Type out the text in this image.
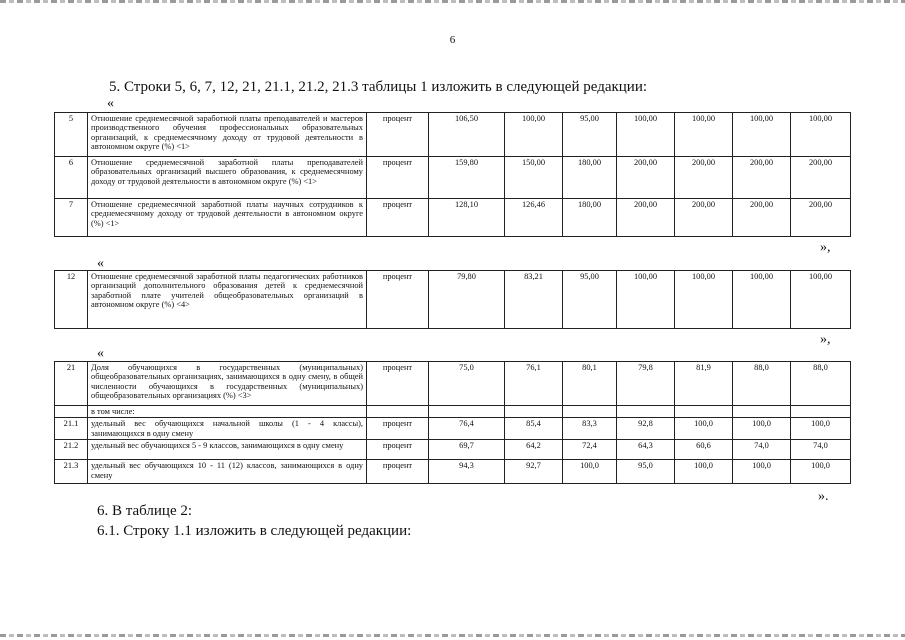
6
5. Строки 5, 6, 7, 12, 21, 21.1, 21.2, 21.3 таблицы 1 изложить в следующей редакции:
«
5	Отношение среднемесячной заработной платы преподавателей и мастеров производственного обучения профессиональных образовательных организаций, к среднемесячному доходу от трудовой деятельности в автономном округе (%) <1>	процент	106,50	100,00	95,00	100,00	100,00	100,00	100,00
6	Отношение среднемесячной заработной платы преподавателей образовательных организаций высшего образования, к среднемесячному доходу от трудовой деятельности в автономном округе (%) <1>	процент	159,80	150,00	180,00	200,00	200,00	200,00	200,00
7	Отношение среднемесячной заработной платы научных сотрудников к среднемесячному доходу от трудовой деятельности в автономном округе (%) <1>	процент	128,10	126,46	180,00	200,00	200,00	200,00	200,00
»,
«
12	Отношение среднемесячной заработной платы педагогических работников организаций дополнительного образования детей к среднемесячной заработной плате учителей общеобразовательных организаций в автономном округе (%) <4>	процент	79,80	83,21	95,00	100,00	100,00	100,00	100,00
»,
«
21	Доля обучающихся в государственных (муниципальных) общеобразовательных организациях, занимающихся в одну смену, в общей численности обучающихся в государственных (муниципальных) общеобразовательных организациях (%) <3>	процент	75,0	76,1	80,1	79,8	81,9	88,0	88,0
	в том числе:								
21.1	удельный вес обучающихся начальной школы (1 - 4 классы), занимающихся в одну смену	процент	76,4	85,4	83,3	92,8	100,0	100,0	100,0
21.2	удельный вес обучающихся 5 - 9 классов, занимающихся в одну смену	процент	69,7	64,2	72,4	64,3	60,6	74,0	74,0
21.3	удельный вес обучающихся 10 - 11 (12) классов, занимающихся в одну смену	процент	94,3	92,7	100,0	95,0	100,0	100,0	100,0
».
6. В таблице 2:
6.1. Строку 1.1 изложить в следующей редакции:
